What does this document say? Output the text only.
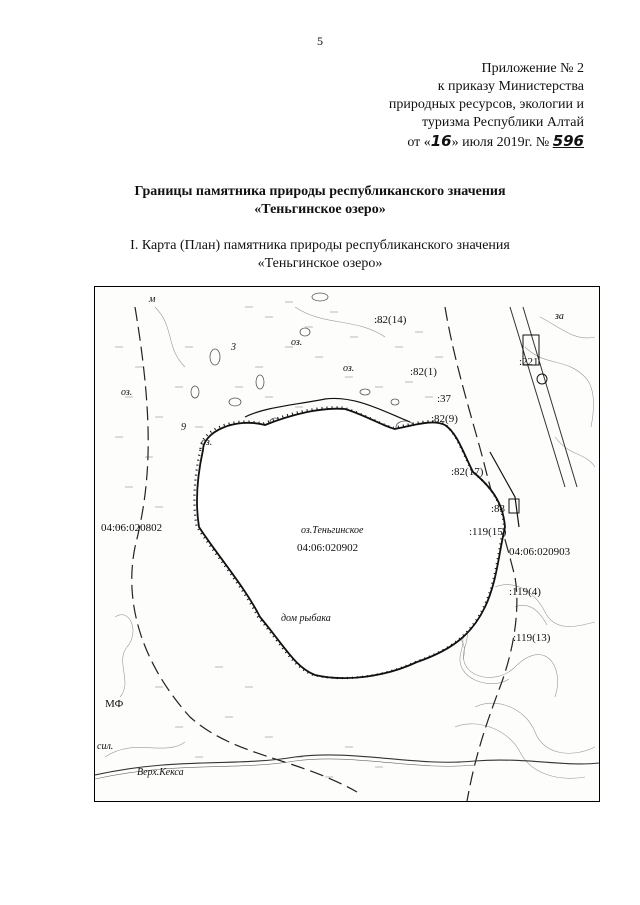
5
Приложение № 2
к приказу Министерства
природных ресурсов, экологии и
туризма Республики Алтай
от «16» июля 2019г. № 596
Границы памятника природы республиканского значения
«Теньгинское озеро»
I. Карта (План) памятника природы республиканского значения
«Теньгинское озеро»
:82(14)
:82(1)
:82(9)
:82(17)
:83
:119(15)
:119(4)
:119(13)
:37
:221
оз.Теньгинское
04:06:020902
04:06:020802
04:06:020903
дом рыбака
Верх.Кекса
МФ
сил.
оз.
оз.
оз.
оз.
за
9
3
м
